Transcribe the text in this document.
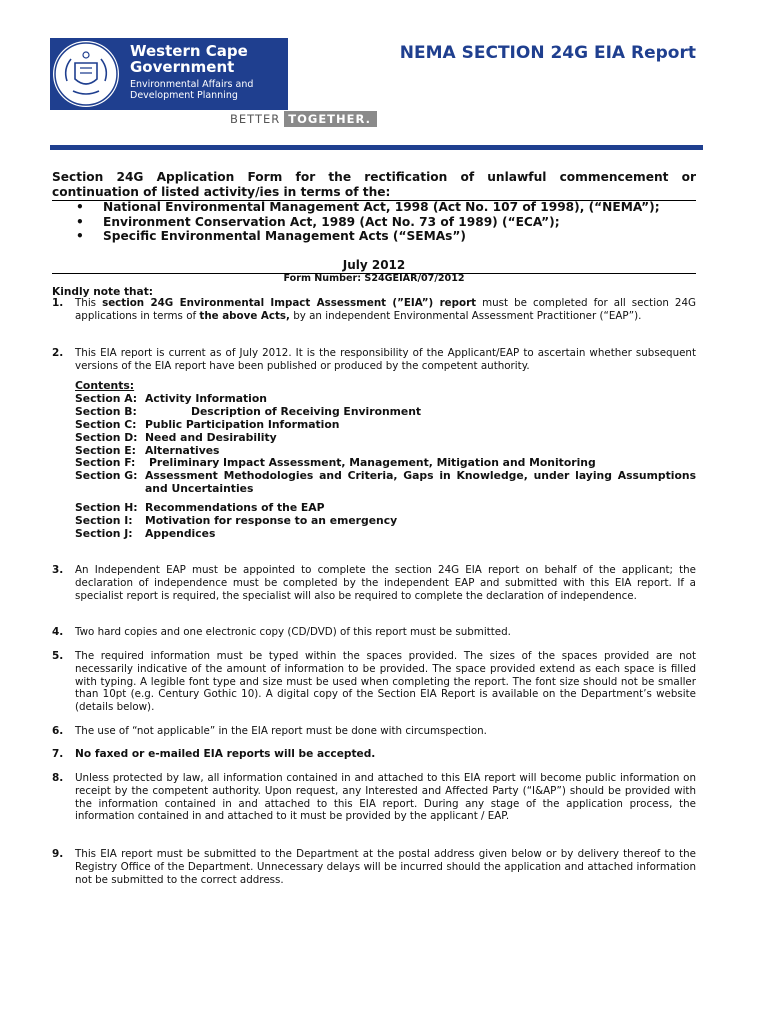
Western Cape
Government
Environmental Affairs and
Development Planning
BETTER TOGETHER.
NEMA SECTION 24G EIA Report
Section 24G Application Form for the rectification of unlawful commencement or continuation of listed activity/ies in terms of the:
• National Environmental Management Act, 1998 (Act No. 107 of 1998), (“NEMA”);
• Environment Conservation Act, 1989 (Act No. 73 of 1989) (“ECA”);
• Specific Environmental Management Acts (“SEMAs”)
July 2012
Form Number: S24GEIAR/07/2012
Kindly note that:
1. This section 24G Environmental Impact Assessment (”EIA”) report must be completed for all section 24G applications in terms of the above Acts, by an independent Environmental Assessment Practitioner (“EAP”).
2. This EIA report is current as of July 2012. It is the responsibility of the Applicant/EAP to ascertain whether subsequent versions of the EIA report have been published or produced by the competent authority.
Contents:
Section A: Activity Information
Section B:	Description of Receiving Environment
Section C: Public Participation Information
Section D: Need and Desirability
Section E: Alternatives
Section F:	Preliminary Impact Assessment, Management, Mitigation and Monitoring
Section G: Assessment Methodologies and Criteria, Gaps in Knowledge, under laying Assumptions and Uncertainties
Section H: Recommendations of the EAP
Section I:	Motivation for response to an emergency
Section J:	Appendices
3. An Independent EAP must be appointed to complete the section 24G EIA report on behalf of the applicant; the declaration of independence must be completed by the independent EAP and submitted with this EIA report. If a specialist report is required, the specialist will also be required to complete the declaration of independence.
4. Two hard copies and one electronic copy (CD/DVD) of this report must be submitted.
5. The required information must be typed within the spaces provided. The sizes of the spaces provided are not necessarily indicative of the amount of information to be provided. The space provided extend as each space is filled with typing. A legible font type and size must be used when completing the report. The font size should not be smaller than 10pt (e.g. Century Gothic 10). A digital copy of the Section EIA Report is available on the Department’s website (details below).
6. The use of “not applicable” in the EIA report must be done with circumspection.
7. No faxed or e-mailed EIA reports will be accepted.
8. Unless protected by law, all information contained in and attached to this EIA report will become public information on receipt by the competent authority. Upon request, any Interested and Affected Party (“I&AP”) should be provided with the information contained in and attached to this EIA report. During any stage of the application process, the information contained in and attached to it must be provided by the applicant / EAP.
9. This EIA report must be submitted to the Department at the postal address given below or by delivery thereof to the Registry Office of the Department. Unnecessary delays will be incurred should the application and attached information not be submitted to the correct address.
